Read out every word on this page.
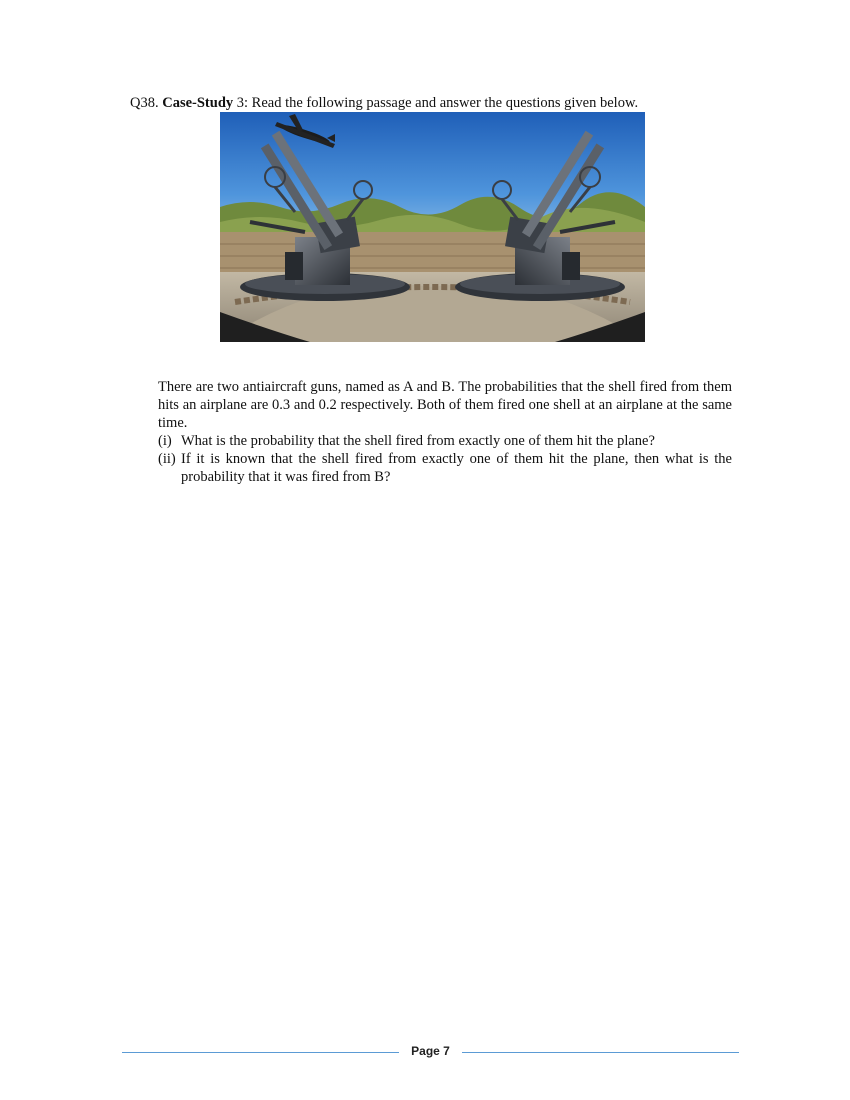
Q38. Case-Study 3: Read the following passage and answer the questions given below.

There are two antiaircraft guns, named as A and B. The probabilities that the shell fired from them hits an airplane are 0.3 and 0.2 respectively. Both of them fired one shell at an airplane at the same time.

(i) What is the probability that the shell fired from exactly one of them hit the plane?
(ii) If it is known that the shell fired from exactly one of them hit the plane, then what is the probability that it was fired from B?
Page 7
